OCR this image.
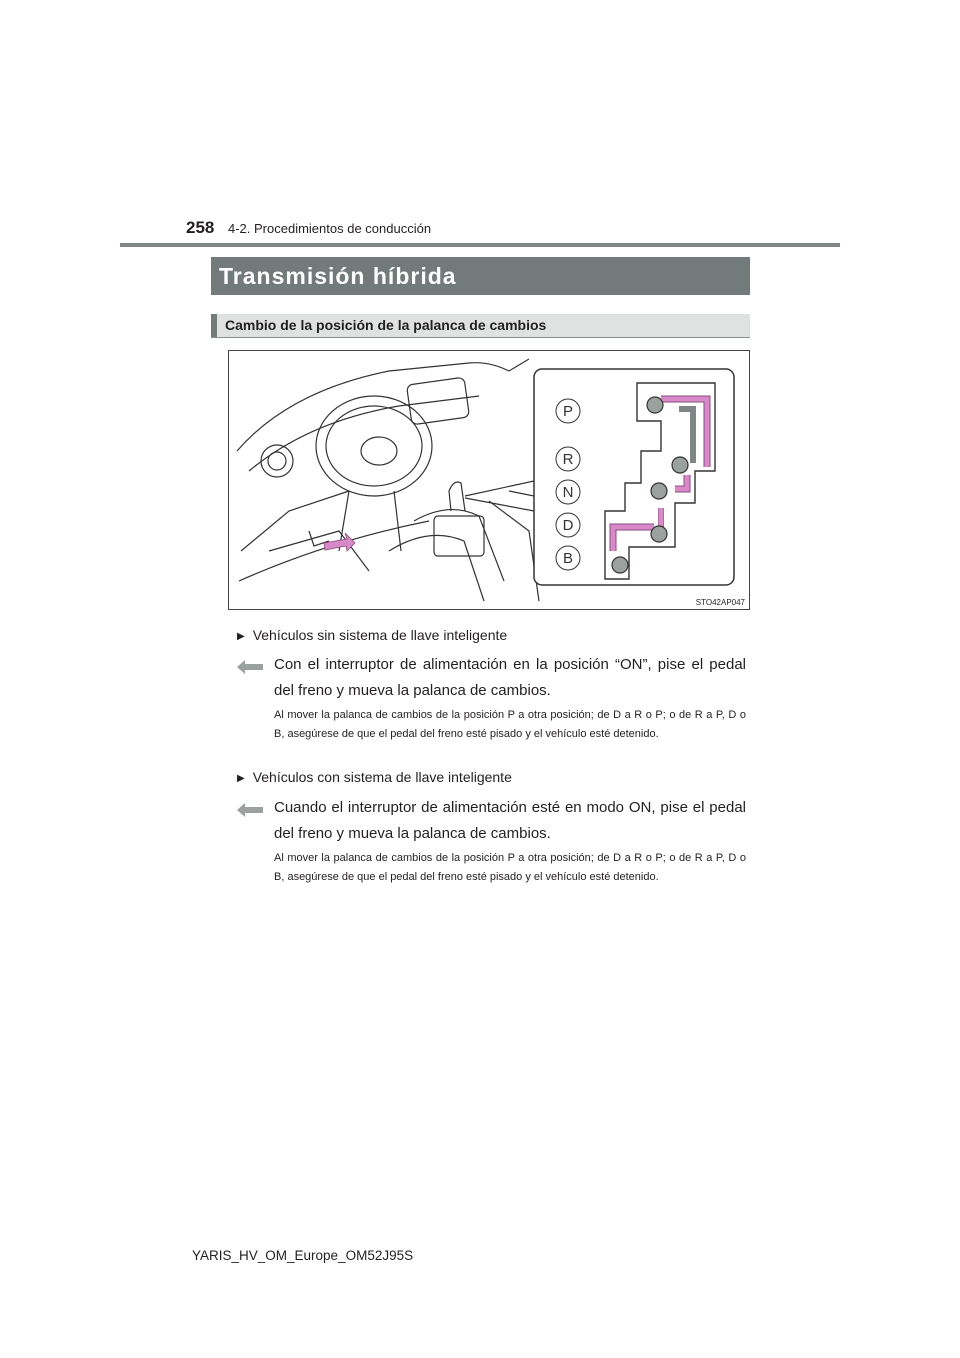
258 4-2. Procedimientos de conducción
Transmisión híbrida
Cambio de la posición de la palanca de cambios
P
R
N
D
B
STO42AP047
▶ Vehículos sin sistema de llave inteligente
Con el interruptor de alimentación en la posición “ON”, pise el pedal del freno y mueva la palanca de cambios.
Al mover la palanca de cambios de la posición P a otra posición; de D a R o P; o de R a P, D o B, asegúrese de que el pedal del freno esté pisado y el vehículo esté detenido.
▶ Vehículos con sistema de llave inteligente
Cuando el interruptor de alimentación esté en modo ON, pise el pedal del freno y mueva la palanca de cambios.
Al mover la palanca de cambios de la posición P a otra posición; de D a R o P; o de R a P, D o B, asegúrese de que el pedal del freno esté pisado y el vehículo esté detenido.
YARIS_HV_OM_Europe_OM52J95S
